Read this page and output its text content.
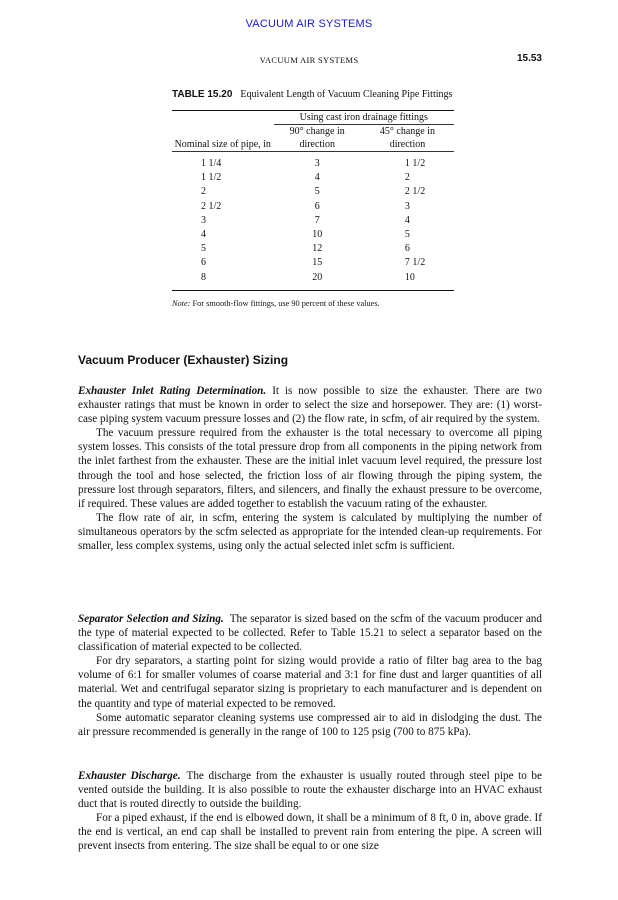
VACUUM AIR SYSTEMS
VACUUM AIR SYSTEMS	15.53
TABLE 15.20 Equivalent Length of Vacuum Cleaning Pipe Fittings
	Using cast iron drainage fittings	
Nominal size of pipe, in	90° change in direction	45° change in direction
1 1/4	3	1 1/2
1 1/2	4	2
2	5	2 1/2
2 1/2	6	3
3	7	4
4	10	5
5	12	6
6	15	7 1/2
8	20	10
Note: For smooth-flow fittings, use 90 percent of these values.
Vacuum Producer (Exhauster) Sizing

Exhauster Inlet Rating Determination. It is now possible to size the exhauster. There are two exhauster ratings that must be known in order to select the size and horsepower. They are: (1) worst-case piping system vacuum pressure losses and (2) the flow rate, in scfm, of air required by the system.

The vacuum pressure required from the exhauster is the total necessary to overcome all piping system losses. This consists of the total pressure drop from all components in the piping network from the inlet farthest from the exhauster. These are the initial inlet vacuum level required, the pressure lost through the tool and hose selected, the friction loss of air flowing through the piping system, the pressure lost through separators, filters, and silencers, and finally the exhaust pressure to be overcome, if required. These values are added together to establish the vacuum rating of the exhauster.

The flow rate of air, in scfm, entering the system is calculated by multiplying the number of simultaneous operators by the scfm selected as appropriate for the intended clean-up requirements. For smaller, less complex systems, using only the actual selected inlet scfm is sufficient.

Separator Selection and Sizing. The separator is sized based on the scfm of the vacuum producer and the type of material expected to be collected. Refer to Table 15.21 to select a separator based on the classification of material expected to be collected.

For dry separators, a starting point for sizing would provide a ratio of filter bag area to the bag volume of 6:1 for smaller volumes of coarse material and 3:1 for fine dust and larger quantities of all material. Wet and centrifugal separator sizing is proprietary to each manufacturer and is dependent on the quantity and type of material expected to be removed.

Some automatic separator cleaning systems use compressed air to aid in dislodging the dust. The air pressure recommended is generally in the range of 100 to 125 psig (700 to 875 kPa).

Exhauster Discharge. The discharge from the exhauster is usually routed through steel pipe to be vented outside the building. It is also possible to route the exhauster discharge into an HVAC exhaust duct that is routed directly to outside the building.

For a piped exhaust, if the end is elbowed down, it shall be a minimum of 8 ft, 0 in, above grade. If the end is vertical, an end cap shall be installed to prevent rain from entering the pipe. A screen will prevent insects from entering. The size shall be equal to or one size
